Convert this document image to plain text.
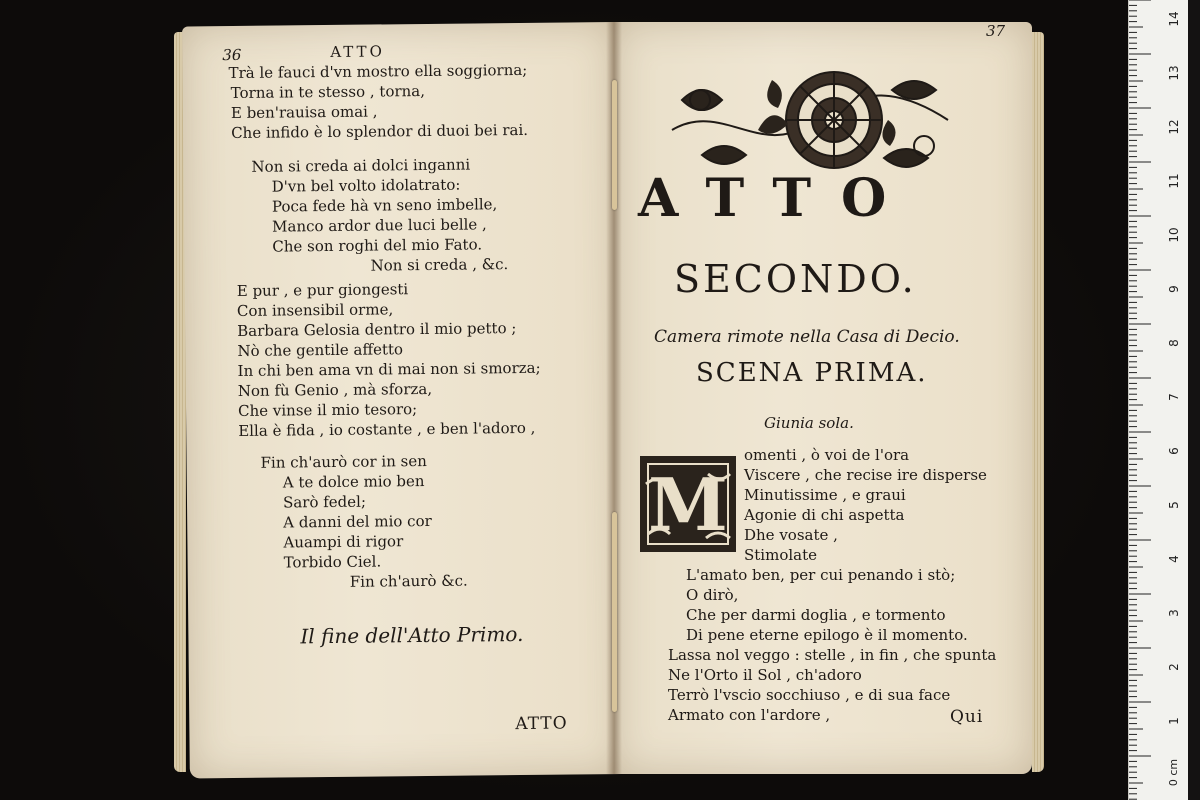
36	ATTO
Trà le fauci d'vn mostro ella soggiorna;
Torna in te stesso , torna,
E ben'rauisa omai ,
Che infido è lo splendor di duoi bei rai.
Non si creda ai dolci inganni
D'vn bel volto idolatrato:
Poca fede hà vn seno imbelle,
Manco ardor due luci belle ,
Che son roghi del mio Fato.
Non si creda , &c.
E pur , e pur giongesti
Con insensibil orme,
Barbara Gelosia dentro il mio petto ;
Nò che gentile affetto
In chi ben ama vn di mai non si smorza;
Non fù Genio , mà sforza,
Che vinse il mio tesoro;
Ella è fida , io costante , e ben l'adoro ,
Fin ch'aurò cor in sen
A te dolce mio ben
Sarò fedel;
A danni del mio cor
Auampi di rigor
Torbido Ciel.
Fin ch'aurò &c.
Il fine dell'Atto Primo.
ATTO
37
ATTO
SECONDO.
Camera rimote nella Casa di Decio.
SCENA PRIMA.
Giunia sola.
M
omenti , ò voi de l'ora
Viscere , che recise ire disperse
Minutissime , e graui
Agonie di chi aspetta
Dhe vosate ,
Stimolate
L'amato ben, per cui penando i stò;
O dirò,
Che per darmi doglia , e tormento
Di pene eterne epilogo è il momento.
Lassa nol veggo : stelle , in fin , che spunta
Ne l'Orto il Sol , ch'adoro
Terrò l'vscio socchiuso , e di sua face
Armato con l'ardore ,	Qui
14
13
12
11
10
9
8
7
6
5
4
3
2
1
0 cm
